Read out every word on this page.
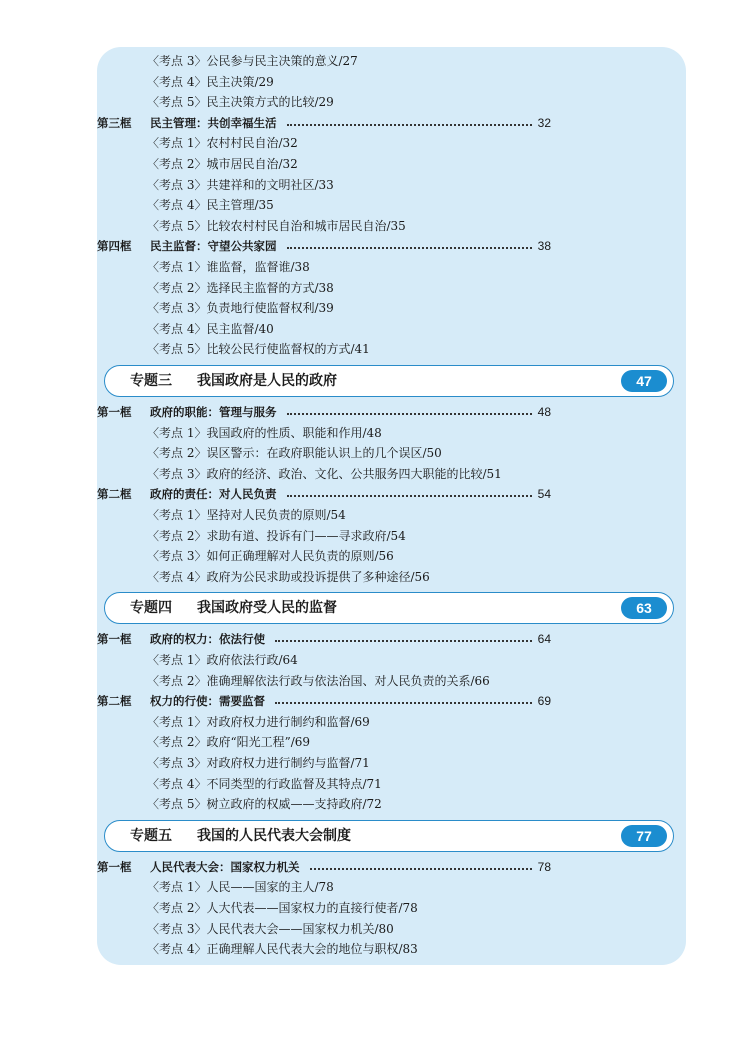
〈考点 3〉公民参与民主决策的意义/27
〈考点 4〉民主决策/29
〈考点 5〉民主决策方式的比较/29
第三框	民主管理：共创幸福生活	32
〈考点 1〉农村村民自治/32
〈考点 2〉城市居民自治/32
〈考点 3〉共建祥和的文明社区/33
〈考点 4〉民主管理/35
〈考点 5〉比较农村村民自治和城市居民自治/35
第四框	民主监督：守望公共家园	38
〈考点 1〉谁监督，监督谁/38
〈考点 2〉选择民主监督的方式/38
〈考点 3〉负责地行使监督权利/39
〈考点 4〉民主监督/40
〈考点 5〉比较公民行使监督权的方式/41
专题三 我国政府是人民的政府	47
第一框	政府的职能：管理与服务	48
〈考点 1〉我国政府的性质、职能和作用/48
〈考点 2〉误区警示：在政府职能认识上的几个误区/50
〈考点 3〉政府的经济、政治、文化、公共服务四大职能的比较/51
第二框	政府的责任：对人民负责	54
〈考点 1〉坚持对人民负责的原则/54
〈考点 2〉求助有道、投诉有门——寻求政府/54
〈考点 3〉如何正确理解对人民负责的原则/56
〈考点 4〉政府为公民求助或投诉提供了多种途径/56
专题四 我国政府受人民的监督	63
第一框	政府的权力：依法行使	64
〈考点 1〉政府依法行政/64
〈考点 2〉准确理解依法行政与依法治国、对人民负责的关系/66
第二框	权力的行使：需要监督	69
〈考点 1〉对政府权力进行制约和监督/69
〈考点 2〉政府“阳光工程”/69
〈考点 3〉对政府权力进行制约与监督/71
〈考点 4〉不同类型的行政监督及其特点/71
〈考点 5〉树立政府的权威——支持政府/72
专题五 我国的人民代表大会制度	77
第一框	人民代表大会：国家权力机关	78
〈考点 1〉人民——国家的主人/78
〈考点 2〉人大代表——国家权力的直接行使者/78
〈考点 3〉人民代表大会——国家权力机关/80
〈考点 4〉正确理解人民代表大会的地位与职权/83
